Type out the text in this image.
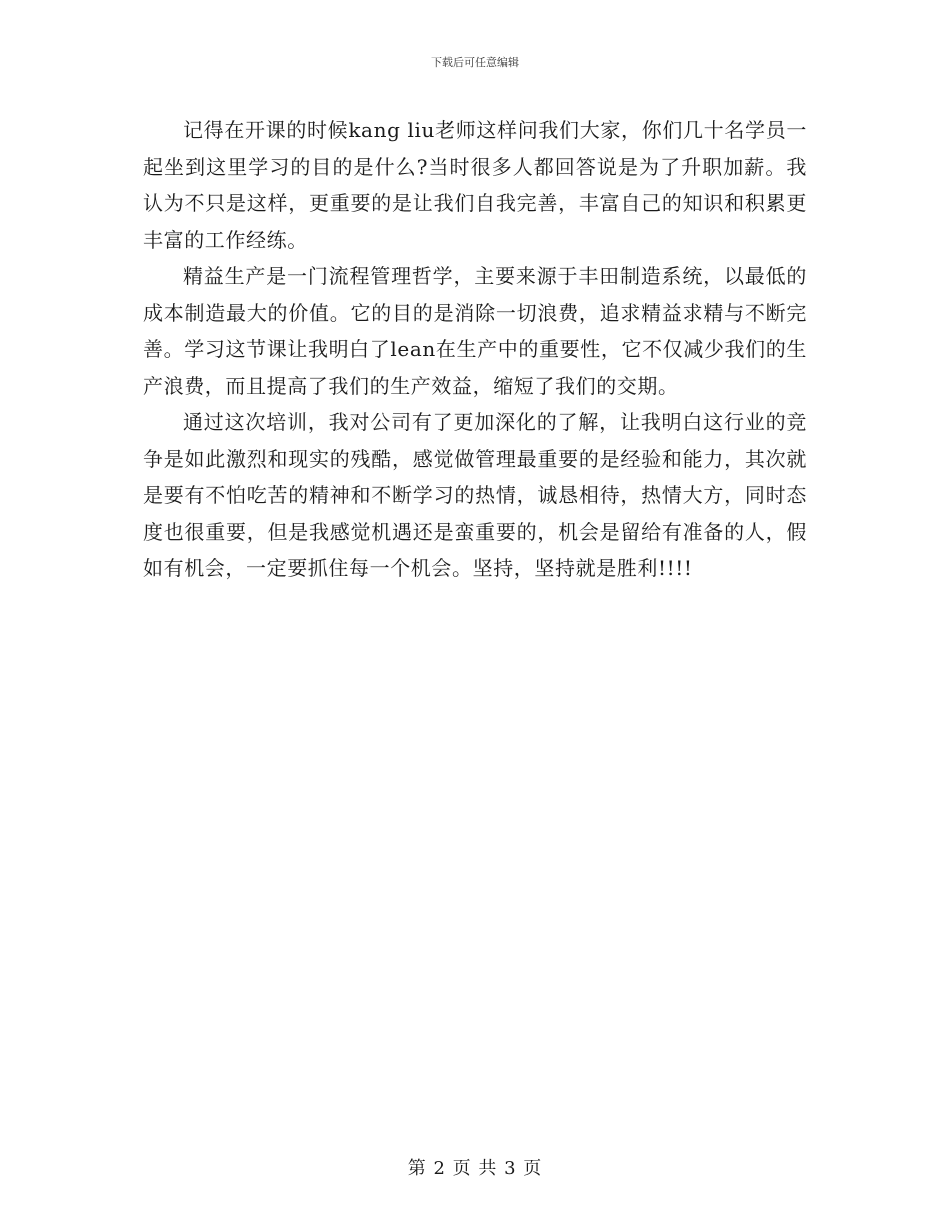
下载后可任意编辑

记得在开课的时候kang liu老师这样问我们大家，你们几十名学员一起坐到这里学习的目的是什么?当时很多人都回答说是为了升职加薪。我认为不只是这样，更重要的是让我们自我完善，丰富自己的知识和积累更丰富的工作经练。

精益生产是一门流程管理哲学，主要来源于丰田制造系统，以最低的成本制造最大的价值。它的目的是消除一切浪费，追求精益求精与不断完善。学习这节课让我明白了lean在生产中的重要性，它不仅减少我们的生产浪费，而且提高了我们的生产效益，缩短了我们的交期。

通过这次培训，我对公司有了更加深化的了解，让我明白这行业的竞争是如此激烈和现实的残酷，感觉做管理最重要的是经验和能力，其次就是要有不怕吃苦的精神和不断学习的热情，诚恳相待，热情大方，同时态度也很重要，但是我感觉机遇还是蛮重要的，机会是留给有准备的人，假如有机会，一定要抓住每一个机会。坚持，坚持就是胜利!!!!

第 2 页 共 3 页
